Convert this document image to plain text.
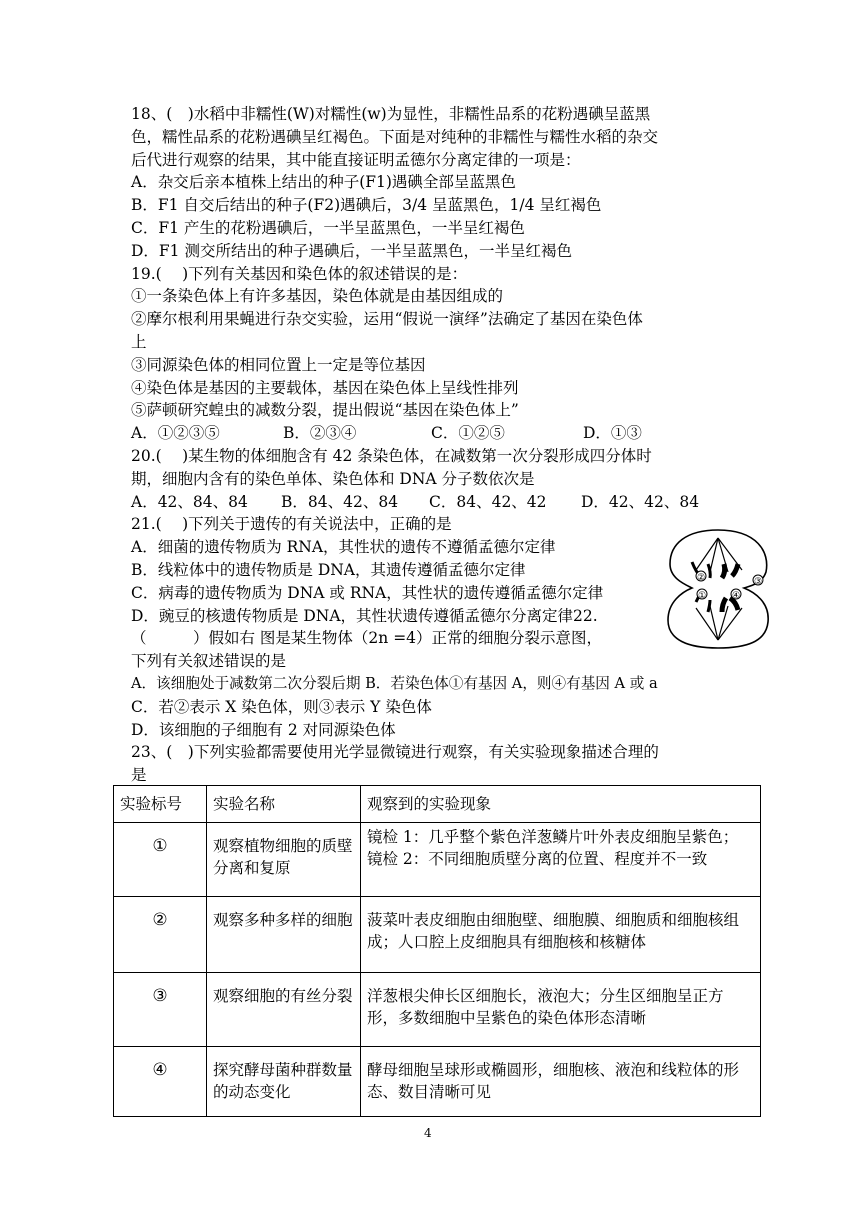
18、(　)水稻中非糯性(W)对糯性(w)为显性，非糯性品系的花粉遇碘呈蓝黑
色，糯性品系的花粉遇碘呈红褐色。下面是对纯种的非糯性与糯性水稻的杂交
后代进行观察的结果，其中能直接证明孟德尔分离定律的一项是：
A．杂交后亲本植株上结出的种子(F1)遇碘全部呈蓝黑色
B．F1 自交后结出的种子(F2)遇碘后，3/4 呈蓝黑色，1/4 呈红褐色
C．F1 产生的花粉遇碘后，一半呈蓝黑色，一半呈红褐色
D．F1 测交所结出的种子遇碘后，一半呈蓝黑色，一半呈红褐色
19.(　 )下列有关基因和染色体的叙述错误的是：
①一条染色体上有许多基因，染色体就是由基因组成的
②摩尔根利用果蝇进行杂交实验，运用“假说一演绎”法确定了基因在染色体
上
③同源染色体的相同位置上一定是等位基因
④染色体是基因的主要载体，基因在染色体上呈线性排列
⑤萨顿研究蝗虫的减数分裂，提出假说“基因在染色体上”
A．①②③⑤	B．②③④	C．①②⑤	D．①③
20.(　 )某生物的体细胞含有 42 条染色体，在减数第一次分裂形成四分体时
期，细胞内含有的染色单体、染色体和 DNA 分子数依次是
A．42、84、84	B．84、42、84	C．84、42、42	D．42、42、84
21.(　 )下列关于遗传的有关说法中，正确的是
A．细菌的遗传物质为 RNA，其性状的遗传不遵循孟德尔定律
B．线粒体中的遗传物质是 DNA，其遗传遵循孟德尔定律
C．病毒的遗传物质为 DNA 或 RNA，其性状的遗传遵循孟德尔定律
D．豌豆的核遗传物质是 DNA，其性状遗传遵循孟德尔分离定律22.
（　　　）假如右 图是某生物体（2n =4）正常的细胞分裂示意图，
下列有关叙述错误的是
A．该细胞处于减数第二次分裂后期 B．若染色体①有基因 A，则④有基因 A 或 a
C．若②表示 X 染色体，则③表示 Y 染色体
D．该细胞的子细胞有 2 对同源染色体
23、(　)下列实验都需要使用光学显微镜进行观察，有关实验现象描述合理的
是
②	③
①	④
实验标号	实验名称	观察到的实验现象
①	观察植物细胞的质壁分离和复原	镜检 1：几乎整个紫色洋葱鳞片叶外表皮细胞呈紫色；
镜检 2：不同细胞质壁分离的位置、程度并不一致
②	观察多种多样的细胞	菠菜叶表皮细胞由细胞壁、细胞膜、细胞质和细胞核组成；人口腔上皮细胞具有细胞核和核糖体
③	观察细胞的有丝分裂	洋葱根尖伸长区细胞长，液泡大；分生区细胞呈正方形，多数细胞中呈紫色的染色体形态清晰
④	探究酵母菌种群数量的动态变化	酵母细胞呈球形或椭圆形，细胞核、液泡和线粒体的形态、数目清晰可见
4
